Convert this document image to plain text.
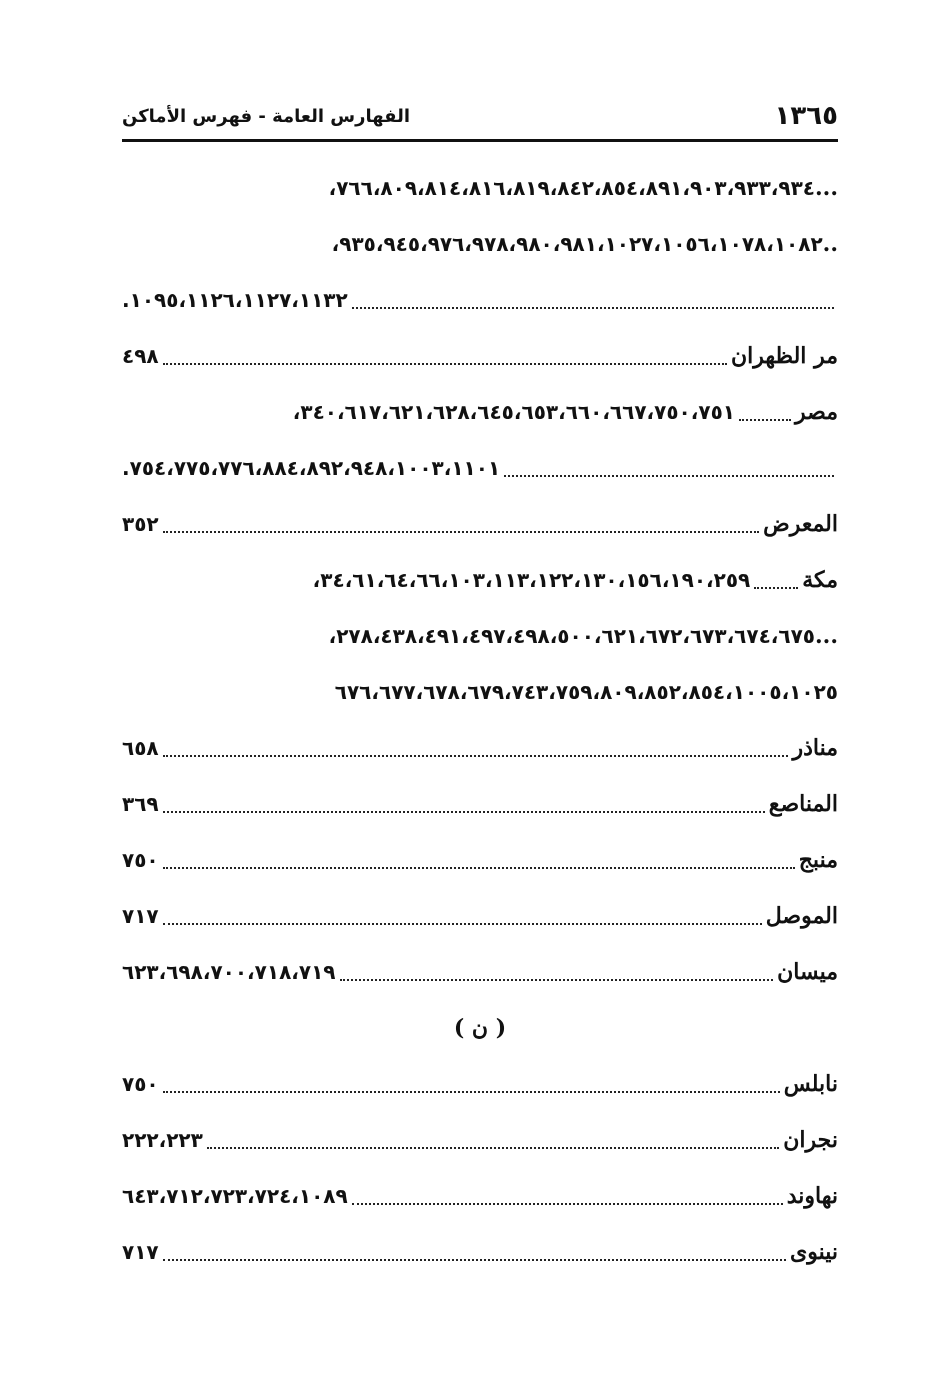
١٣٦٥
الفهارس العامة - فهرس الأماكن
...
٧٦٦،٨٠٩،٨١٤،٨١٦،٨١٩،٨٤٢،٨٥٤،٨٩١،٩٠٣،٩٣٣،٩٣٤،
..
٩٣٥،٩٤٥،٩٧٦،٩٧٨،٩٨٠،٩٨١،١٠٢٧،١٠٥٦،١٠٧٨،١٠٨٢،
١٠٩٥،١١٢٦،١١٢٧،١١٣٢.
مر الظهران
٤٩٨
مصر
٣٤٠،٦١٧،٦٢١،٦٢٨،٦٤٥،٦٥٣،٦٦٠،٦٦٧،٧٥٠،٧٥١،
٧٥٤،٧٧٥،٧٧٦،٨٨٤،٨٩٢،٩٤٨،١٠٠٣،١١٠١.
المعرض
٣٥٢
مكة
٣٤،٦١،٦٤،٦٦،١٠٣،١١٣،١٢٢،١٣٠،١٥٦،١٩٠،٢٥٩،
...
٢٧٨،٤٣٨،٤٩١،٤٩٧،٤٩٨،٥٠٠،٦٢١،٦٧٢،٦٧٣،٦٧٤،٦٧٥،
٦٧٦،٦٧٧،٦٧٨،٦٧٩،٧٤٣،٧٥٩،٨٠٩،٨٥٢،٨٥٤،١٠٠٥،١٠٢٥
مناذر
٦٥٨
المناصع
٣٦٩
منبج
٧٥٠
الموصل
٧١٧
ميسان
٦٢٣،٦٩٨،٧٠٠،٧١٨،٧١٩
( ن )
نابلس
٧٥٠
نجران
٢٢٢،٢٢٣
نهاوند
٦٤٣،٧١٢،٧٢٣،٧٢٤،١٠٨٩
نينوى
٧١٧
